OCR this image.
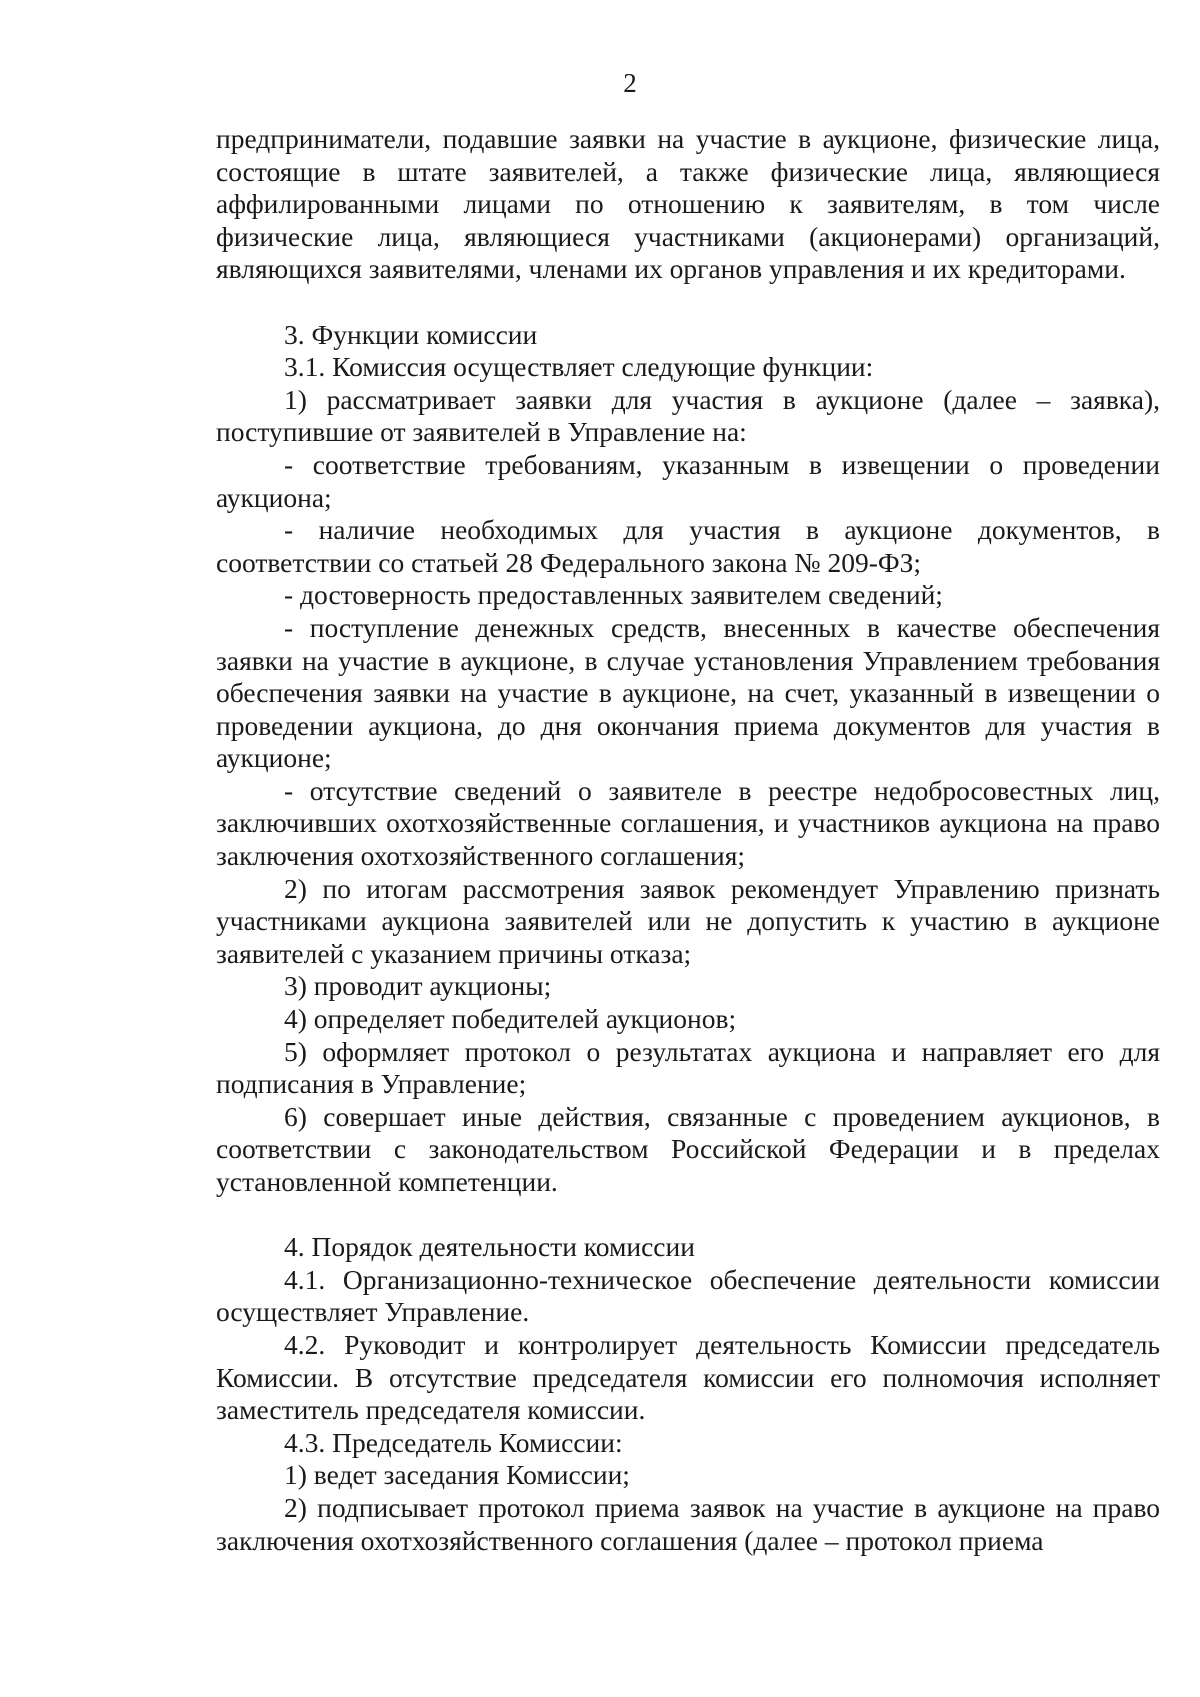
2

предприниматели, подавшие заявки на участие в аукционе, физические лица, состоящие в штате заявителей, а также физические лица, являющиеся аффилированными лицами по отношению к заявителям, в том числе физические лица, являющиеся участниками (акционерами) организаций, являющихся заявителями, членами их органов управления и их кредиторами.

3. Функции комиссии

3.1. Комиссия осуществляет следующие функции:

1) рассматривает заявки для участия в аукционе (далее – заявка), поступившие от заявителей в Управление на:

- соответствие требованиям, указанным в извещении о проведении аукциона;

- наличие необходимых для участия в аукционе документов, в соответствии со статьей 28 Федерального закона № 209-ФЗ;

- достоверность предоставленных заявителем сведений;

- поступление денежных средств, внесенных в качестве обеспечения заявки на участие в аукционе, в случае установления Управлением требования обеспечения заявки на участие в аукционе, на счет, указанный в извещении о проведении аукциона, до дня окончания приема документов для участия в аукционе;

- отсутствие сведений о заявителе в реестре недобросовестных лиц, заключивших охотхозяйственные соглашения, и участников аукциона на право заключения охотхозяйственного соглашения;

2) по итогам рассмотрения заявок рекомендует Управлению признать участниками аукциона заявителей или не допустить к участию в аукционе заявителей с указанием причины отказа;

3) проводит аукционы;

4) определяет победителей аукционов;

5) оформляет протокол о результатах аукциона и направляет его для подписания в Управление;

6) совершает иные действия, связанные с проведением аукционов, в соответствии с законодательством Российской Федерации и в пределах установленной компетенции.

4. Порядок деятельности комиссии

4.1. Организационно-техническое обеспечение деятельности комиссии осуществляет Управление.

4.2. Руководит и контролирует деятельность Комиссии председатель Комиссии. В отсутствие председателя комиссии его полномочия исполняет заместитель председателя комиссии.

4.3. Председатель Комиссии:

1) ведет заседания Комиссии;

2) подписывает протокол приема заявок на участие в аукционе на право заключения охотхозяйственного соглашения (далее – протокол приема
